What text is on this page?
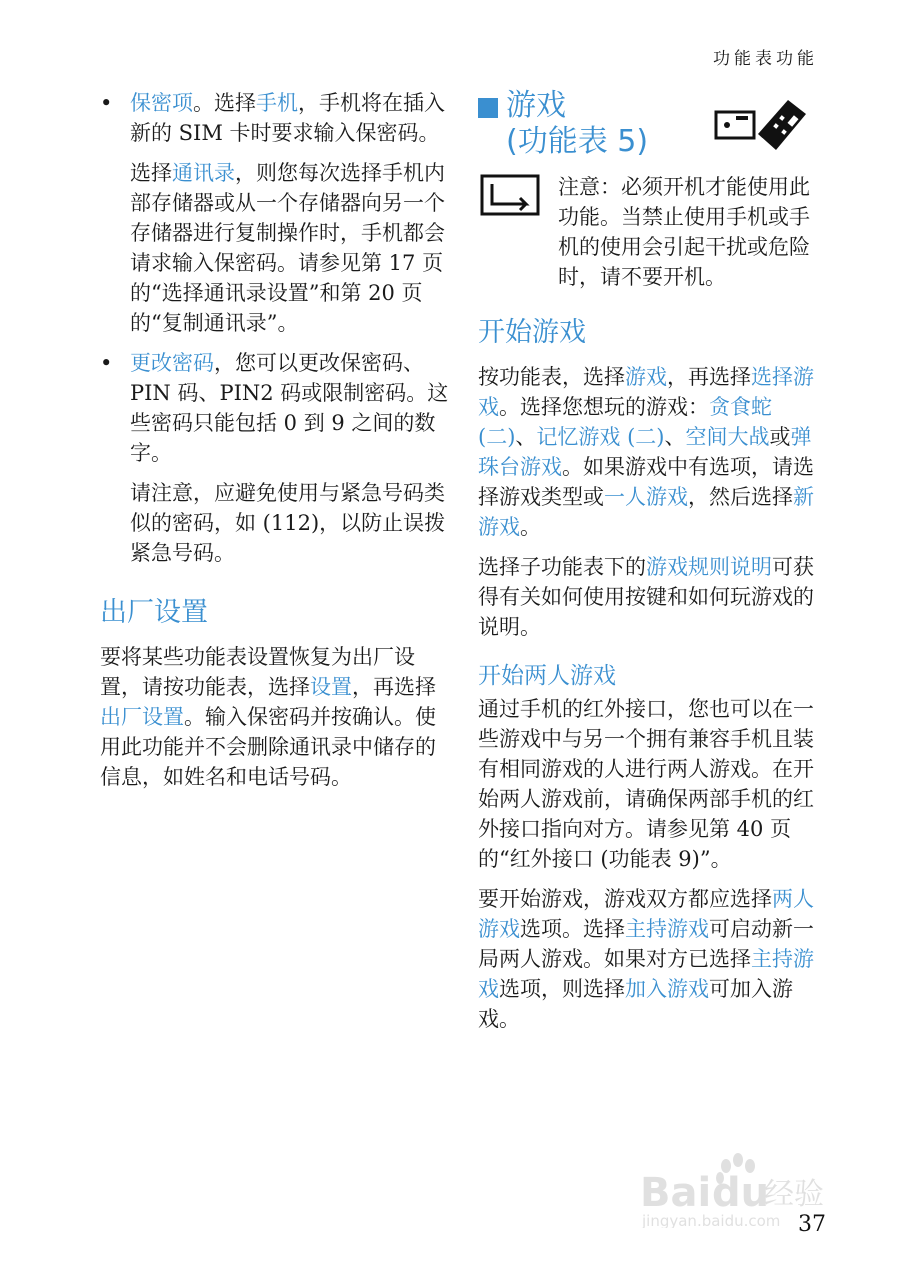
功能表功能

• 保密项。选择手机，手机将在插入新的 SIM 卡时要求输入保密码。

选择通讯录，则您每次选择手机内部存储器或从一个存储器向另一个存储器进行复制操作时，手机都会请求输入保密码。请参见第 17 页的“选择通讯录设置”和第 20 页的“复制通讯录”。

• 更改密码，您可以更改保密码、PIN 码、PIN2 码或限制密码。这些密码只能包括 0 到 9 之间的数字。

请注意，应避免使用与紧急号码类似的密码，如 (112)，以防止误拨紧急号码。

出厂设置

要将某些功能表设置恢复为出厂设置，请按功能表，选择设置，再选择出厂设置。输入保密码并按确认。使用此功能并不会删除通讯录中储存的信息，如姓名和电话号码。

游戏
(功能表 5)

注意：必须开机才能使用此功能。当禁止使用手机或手机的使用会引起干扰或危险时，请不要开机。

开始游戏

按功能表，选择游戏，再选择选择游戏。选择您想玩的游戏：贪食蛇 (二)、记忆游戏 (二)、空间大战或弹珠台游戏。如果游戏中有选项，请选择游戏类型或一人游戏，然后选择新游戏。

选择子功能表下的游戏规则说明可获得有关如何使用按键和如何玩游戏的说明。

开始两人游戏

通过手机的红外接口，您也可以在一些游戏中与另一个拥有兼容手机且装有相同游戏的人进行两人游戏。在开始两人游戏前，请确保两部手机的红外接口指向对方。请参见第 40 页的“红外接口 (功能表 9)”。

要开始游戏，游戏双方都应选择两人游戏选项。选择主持游戏可启动新一局两人游戏。如果对方已选择主持游戏选项，则选择加入游戏可加入游戏。

Bai du
经验
jingyan.baidu.com 37
